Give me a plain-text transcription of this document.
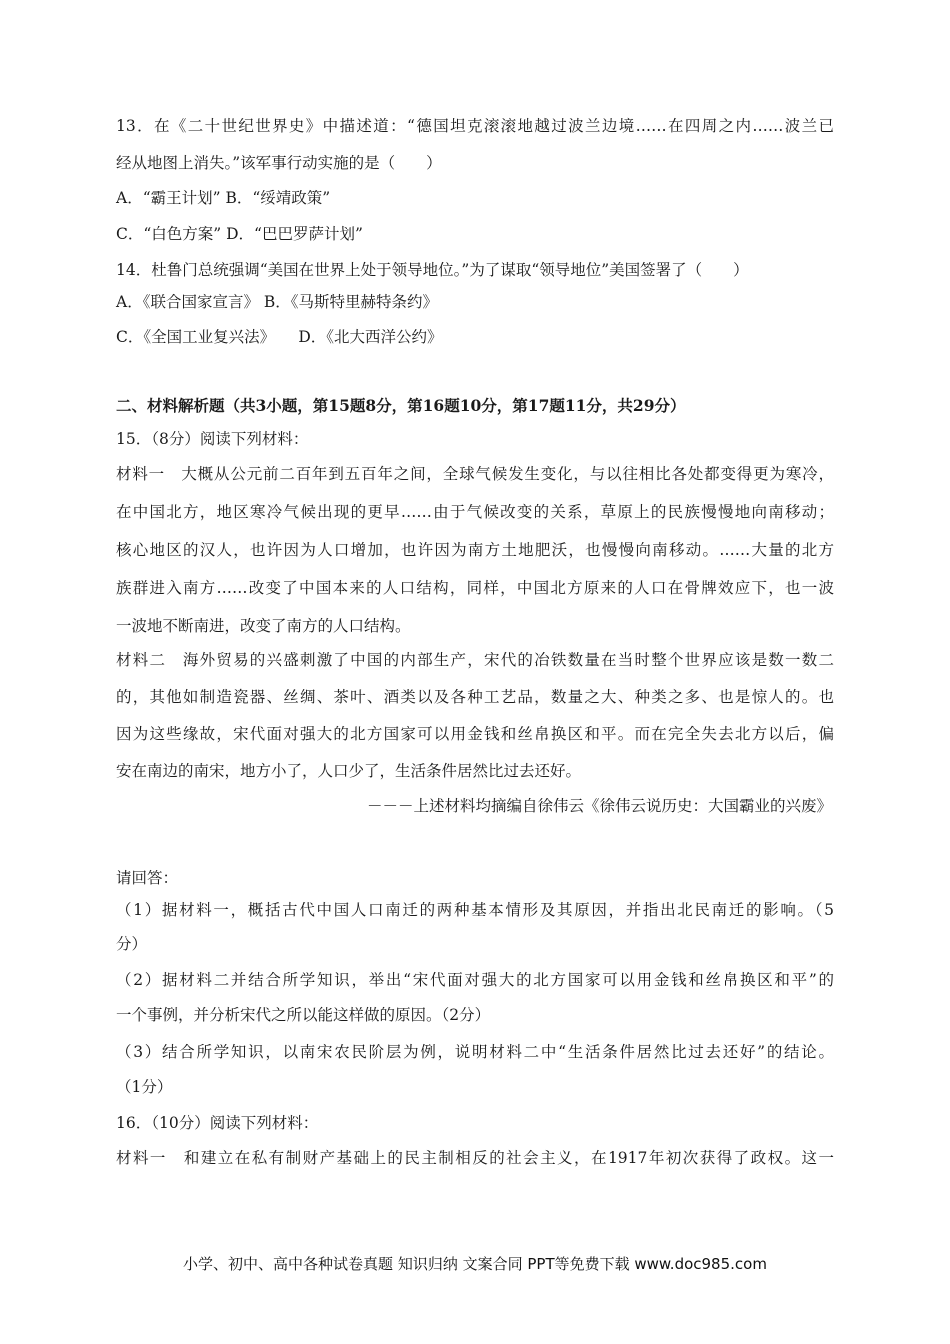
13．在《二十世纪世界史》中描述道：“德国坦克滚滚地越过波兰边境……在四周之内……波兰已
经从地图上消失。”该军事行动实施的是（　　）
A．“霸王计划” B．“绥靖政策”
C．“白色方案” D．“巴巴罗萨计划”
14．杜鲁门总统强调“美国在世界上处于领导地位。”为了谋取“领导地位”美国签署了（　　）
A．《联合国家宣言》 B．《马斯特里赫特条约》
C．《全国工业复兴法》　　D．《北大西洋公约》
二、材料解析题（共3小题，第15题8分，第16题10分，第17题11分，共29分）
15．（8分）阅读下列材料：
材料一　大概从公元前二百年到五百年之间，全球气候发生变化，与以往相比各处都变得更为寒冷，
在中国北方，地区寒冷气候出现的更早……由于气候改变的关系，草原上的民族慢慢地向南移动；
核心地区的汉人，也许因为人口增加，也许因为南方土地肥沃，也慢慢向南移动。……大量的北方
族群进入南方……改变了中国本来的人口结构，同样，中国北方原来的人口在骨牌效应下，也一波
一波地不断南进，改变了南方的人口结构。
材料二　海外贸易的兴盛刺激了中国的内部生产，宋代的冶铁数量在当时整个世界应该是数一数二
的，其他如制造瓷器、丝绸、茶叶、酒类以及各种工艺品，数量之大、种类之多、也是惊人的。也
因为这些缘故，宋代面对强大的北方国家可以用金钱和丝帛换区和平。而在完全失去北方以后，偏
安在南边的南宋，地方小了，人口少了，生活条件居然比过去还好。
－－－上述材料均摘编自徐伟云《徐伟云说历史：大国霸业的兴废》
请回答：
（1）据材料一，概括古代中国人口南迁的两种基本情形及其原因，并指出北民南迁的影响。（5
分）
（2）据材料二并结合所学知识，举出“宋代面对强大的北方国家可以用金钱和丝帛换区和平”的
一个事例，并分析宋代之所以能这样做的原因。（2分）
（3）结合所学知识，以南宋农民阶层为例，说明材料二中“生活条件居然比过去还好”的结论。
（1分）
16．（10分）阅读下列材料：
材料一　和建立在私有制财产基础上的民主制相反的社会主义，在1917年初次获得了政权。这一
小学、初中、高中各种试卷真题 知识归纳 文案合同 PPT等免费下载 www.doc985.com
